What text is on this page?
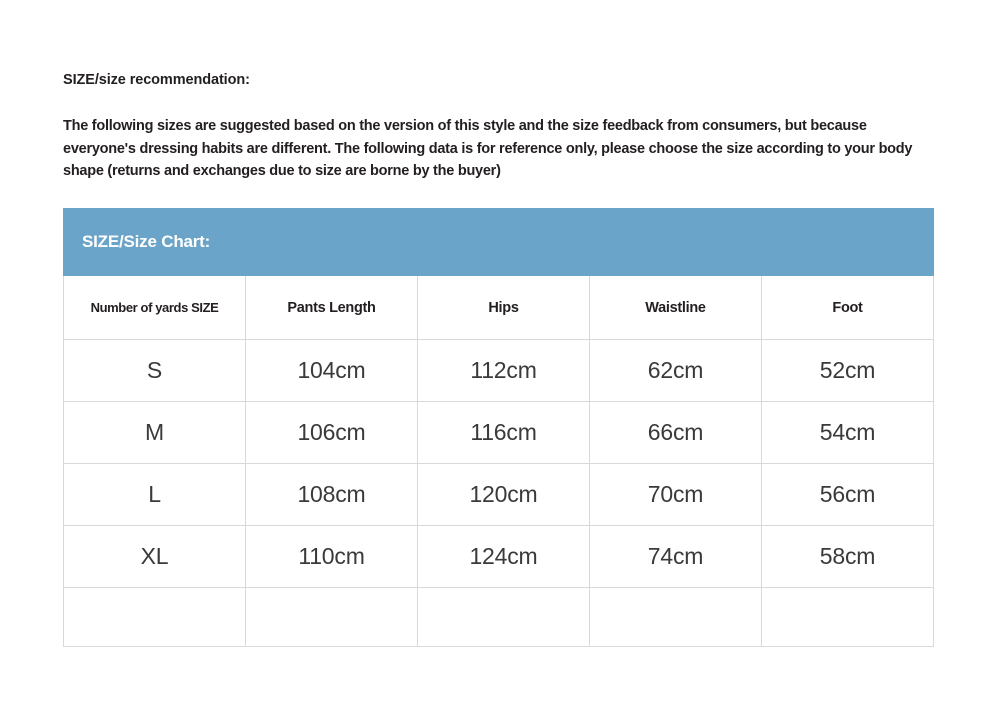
SIZE/size recommendation:

The following sizes are suggested based on the version of this style and the size feedback from consumers, but because everyone's dressing habits are different. The following data is for reference only, please choose the size according to your body shape (returns and exchanges due to size are borne by the buyer)

SIZE/Size Chart:				
Number of yards SIZE	Pants Length	Hips	Waistline	Foot
S	104cm	112cm	62cm	52cm
M	106cm	116cm	66cm	54cm
L	108cm	120cm	70cm	56cm
XL	110cm	124cm	74cm	58cm
